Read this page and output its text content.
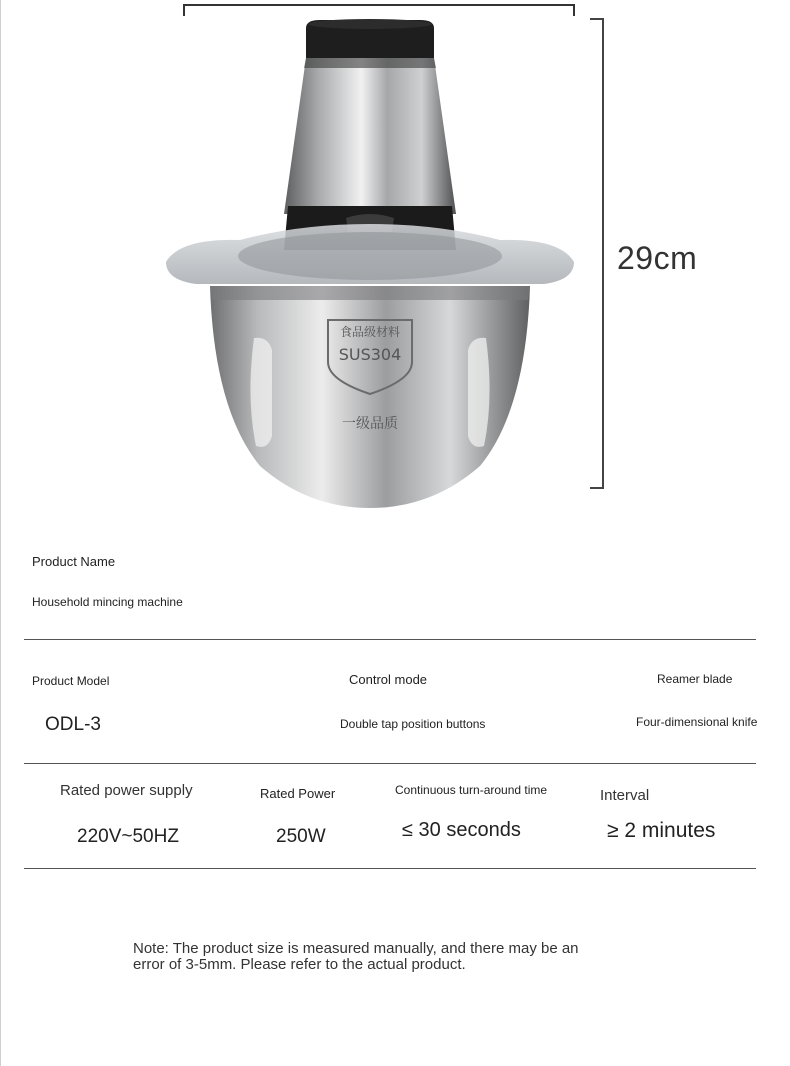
食品级材料
SUS304
一级品质
29cm
Product Name
Household mincing machine
Product Model
ODL-3
Control mode
Double tap position buttons
Reamer blade
Four-dimensional knife
Rated power supply
220V~50HZ
Rated Power
250W
Continuous turn-around time
≤ 30 seconds
Interval
≥ 2 minutes
Note: The product size is measured manually, and there may be an error of 3-5mm. Please refer to the actual product.
